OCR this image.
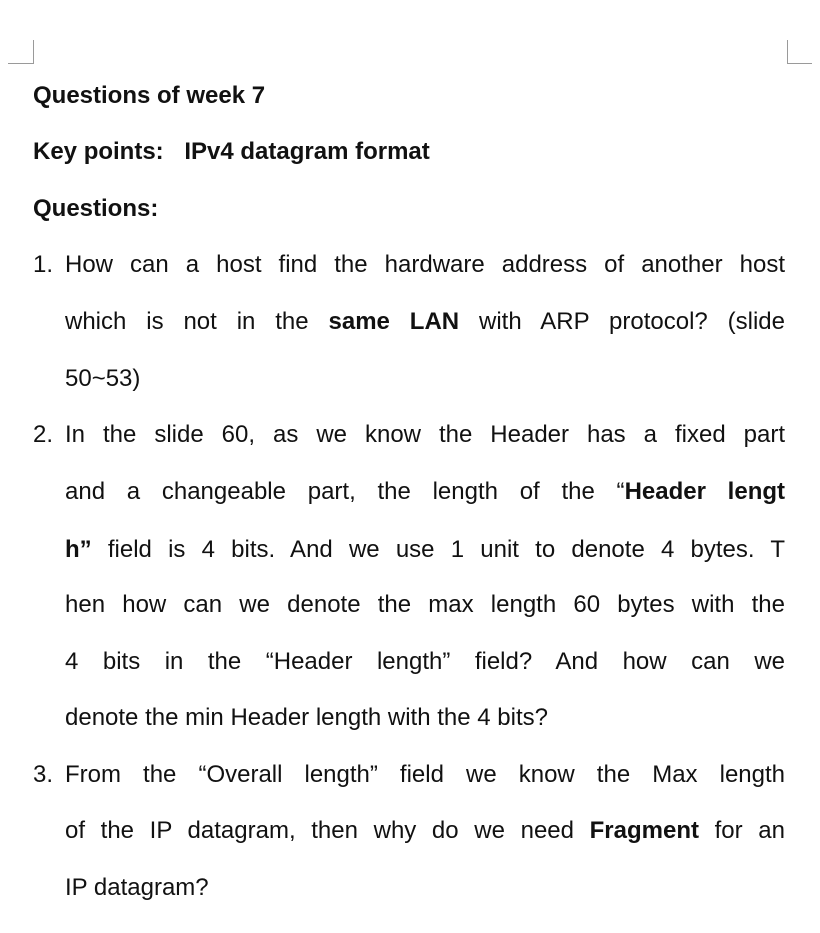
Questions of week 7
Key points: IPv4 datagram format
Questions:
1. How can a host find the hardware address of another host
which is not in the same LAN with ARP protocol? (slide
50~53)
2. In the slide 60, as we know the Header has a fixed part
and a changeable part, the length of the “Header lengt
h” field is 4 bits. And we use 1 unit to denote 4 bytes. T
hen how can we denote the max length 60 bytes with the
4 bits in the “Header length” field? And how can we
denote the min Header length with the 4 bits?
3. From the “Overall length” field we know the Max length
of the IP datagram, then why do we need Fragment for an
IP datagram?
